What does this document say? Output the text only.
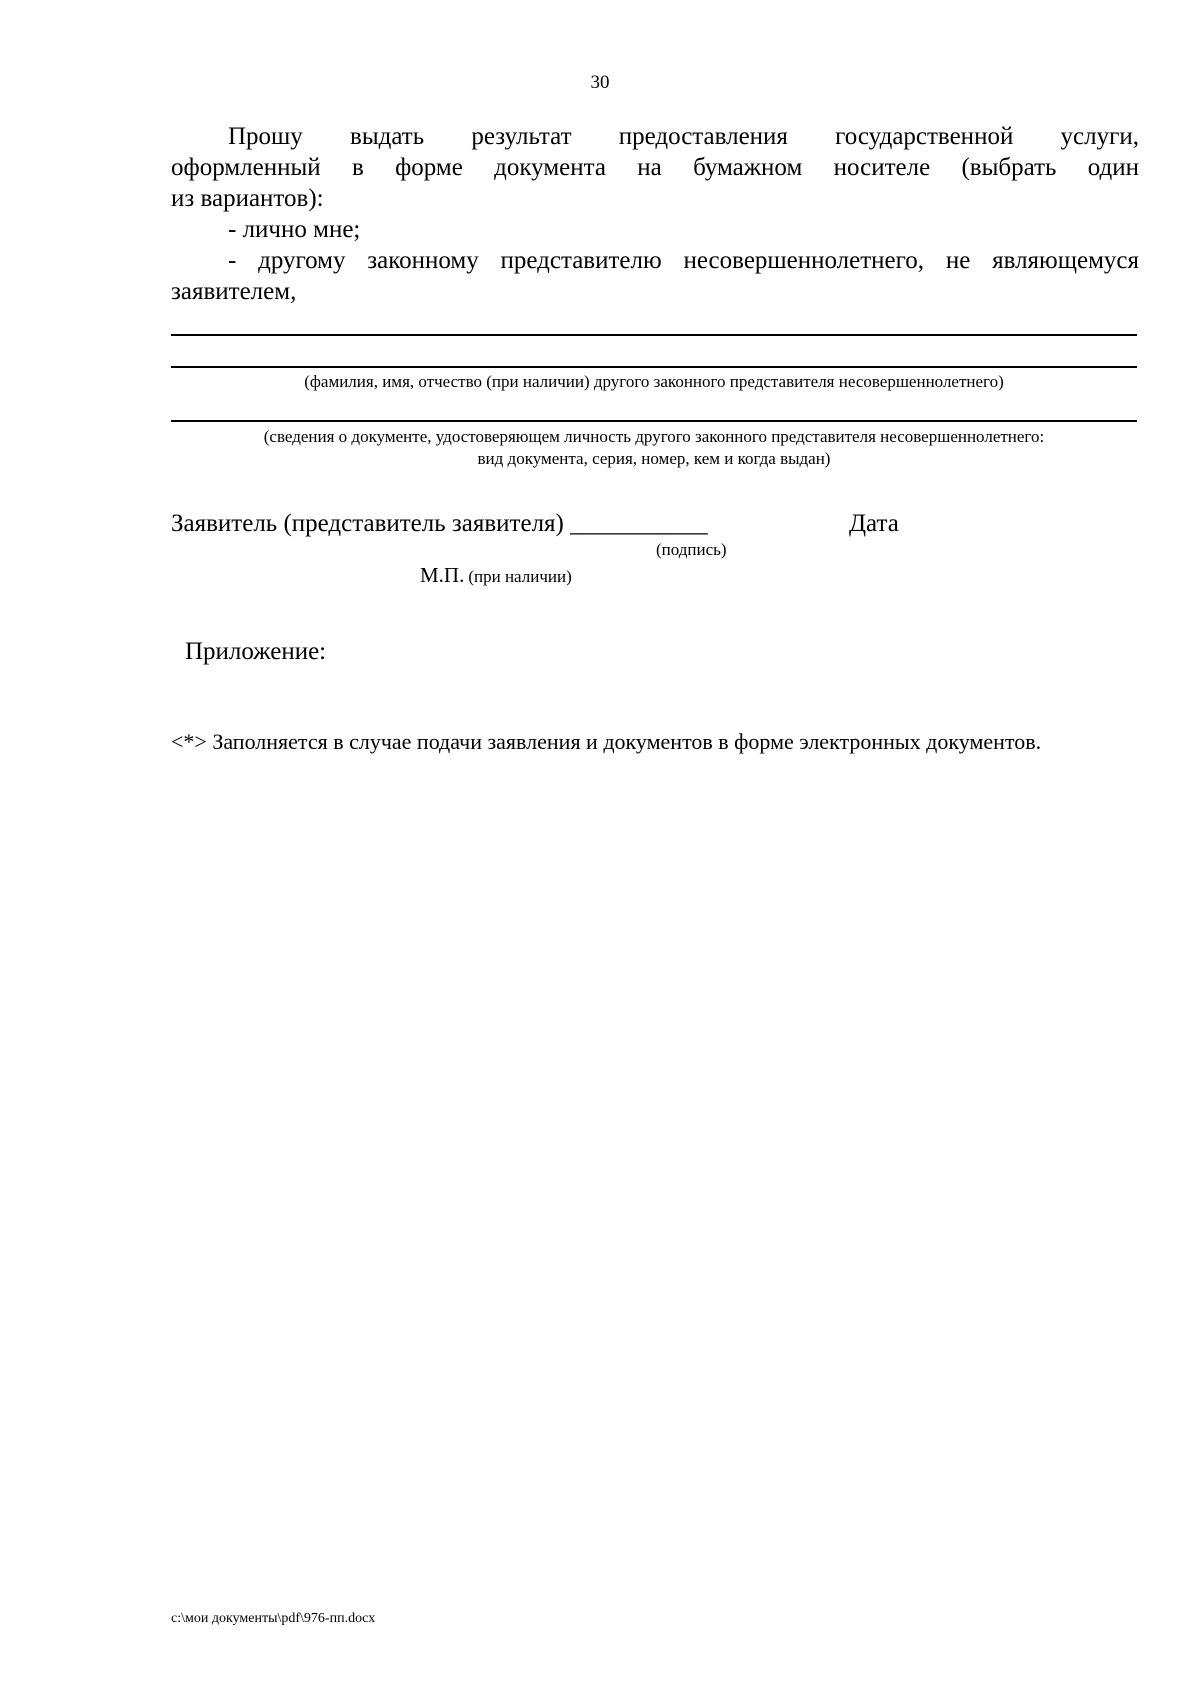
30
Прошу выдать результат предоставления государственной услуги,
оформленный в форме документа на бумажном носителе (выбрать один
из вариантов):
- лично мне;
- другому законному представителю несовершеннолетнего, не являющемуся
заявителем,
(фамилия, имя, отчество (при наличии) другого законного представителя несовершеннолетнего)
(сведения о документе, удостоверяющем личность другого законного представителя несовершеннолетнего:
вид документа, серия, номер, кем и когда выдан)
Заявитель (представитель заявителя) ___________	Дата
(подпись)
М.П. (при наличии)
Приложение:
<*> Заполняется в случае подачи заявления и документов в форме электронных документов.
c:\мои документы\pdf\976-пп.docx
